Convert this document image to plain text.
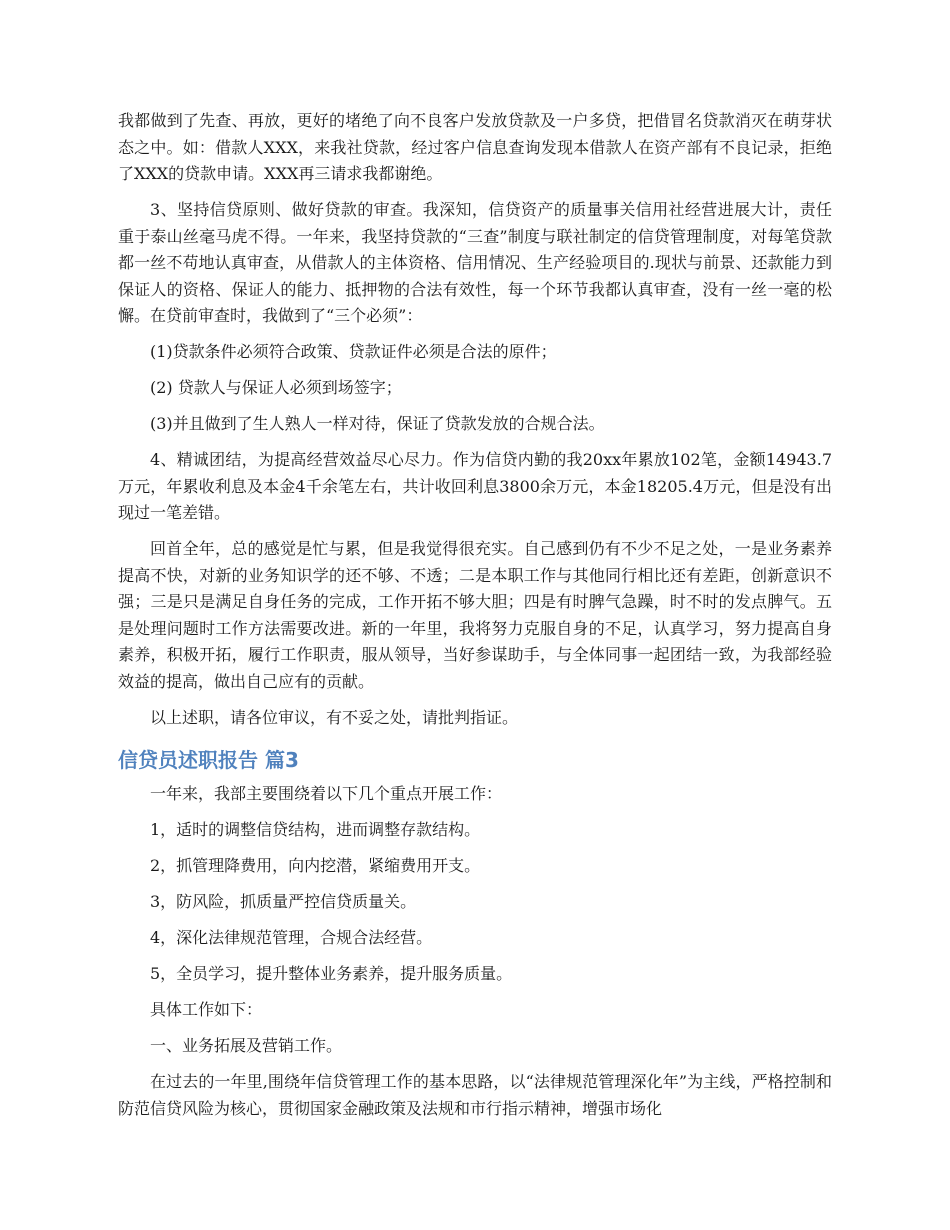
我都做到了先查、再放，更好的堵绝了向不良客户发放贷款及一户多贷，把借冒名贷款消灭在萌芽状态之中。如：借款人XXX，来我社贷款，经过客户信息查询发现本借款人在资产部有不良记录，拒绝了XXX的贷款申请。XXX再三请求我都谢绝。

3、坚持信贷原则、做好贷款的审查。我深知，信贷资产的质量事关信用社经营进展大计，责任重于泰山丝毫马虎不得。一年来，我坚持贷款的“三查”制度与联社制定的信贷管理制度，对每笔贷款都一丝不苟地认真审查，从借款人的主体资格、信用情况、生产经验项目的.现状与前景、还款能力到保证人的资格、保证人的能力、抵押物的合法有效性，每一个环节我都认真审查，没有一丝一毫的松懈。在贷前审查时，我做到了“三个必须”：

(1)贷款条件必须符合政策、贷款证件必须是合法的原件；

(2) 贷款人与保证人必须到场签字；

(3)并且做到了生人熟人一样对待，保证了贷款发放的合规合法。

4、精诚团结，为提高经营效益尽心尽力。作为信贷内勤的我20xx年累放102笔，金额14943.7万元，年累收利息及本金4千余笔左右，共计收回利息3800余万元，本金18205.4万元，但是没有出现过一笔差错。

回首全年，总的感觉是忙与累，但是我觉得很充实。自己感到仍有不少不足之处，一是业务素养提高不快，对新的业务知识学的还不够、不透；二是本职工作与其他同行相比还有差距，创新意识不强；三是只是满足自身任务的完成，工作开拓不够大胆；四是有时脾气急躁，时不时的发点脾气。五是处理问题时工作方法需要改进。新的一年里，我将努力克服自身的不足，认真学习，努力提高自身素养，积极开拓，履行工作职责，服从领导，当好参谋助手，与全体同事一起团结一致，为我部经验效益的提高，做出自己应有的贡献。

以上述职，请各位审议，有不妥之处，请批判指证。

信贷员述职报告 篇3

一年来，我部主要围绕着以下几个重点开展工作：

1，适时的调整信贷结构，进而调整存款结构。

2，抓管理降费用，向内挖潜，紧缩费用开支。

3，防风险，抓质量严控信贷质量关。

4，深化法律规范管理，合规合法经营。

5，全员学习，提升整体业务素养，提升服务质量。

具体工作如下：

一、业务拓展及营销工作。

在过去的一年里,围绕年信贷管理工作的基本思路，以“法律规范管理深化年”为主线，严格控制和防范信贷风险为核心，贯彻国家金融政策及法规和市行指示精神，增强市场化
